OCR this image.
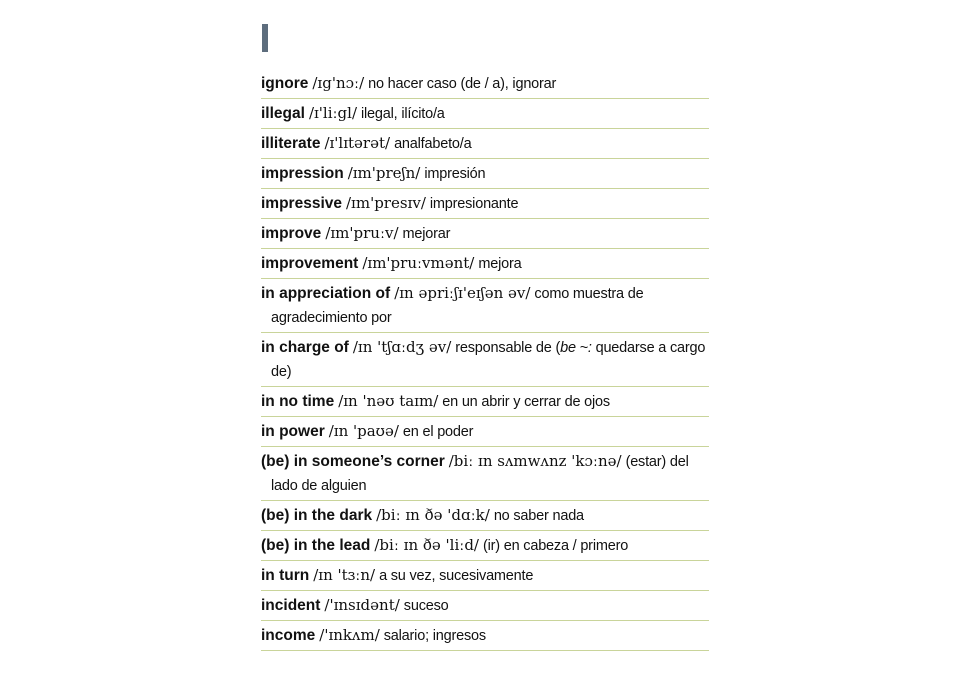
ignore /ɪg'nɔː/ no hacer caso (de / a), ignorar
illegal /ɪ'liːgl/ ilegal, ilícito/a
illiterate /ɪ'lɪtərət/ analfabeto/a
impression /ɪm'preʃn/ impresión
impressive /ɪm'presɪv/ impresionante
improve /ɪm'pruːv/ mejorar
improvement /ɪm'pruːvmənt/ mejora
in appreciation of /ɪn əpriːʃɪ'eɪʃən əv/ como muestra de agradecimiento por
in charge of /ɪn 'tʃɑːdʒ əv/ responsable de (be ~: quedarse a cargo de)
in no time /ɪn 'nəʊ taɪm/ en un abrir y cerrar de ojos
in power /ɪn 'paʊə/ en el poder
(be) in someone’s corner /biː ɪn sʌmwʌnz 'kɔːnə/ (estar) del lado de alguien
(be) in the dark /biː ɪn ðə 'dɑːk/ no saber nada
(be) in the lead /biː ɪn ðə 'liːd/ (ir) en cabeza / primero
in turn /ɪn 'tɜːn/ a su vez, sucesivamente
incident /'ɪnsɪdənt/ suceso
income /'ɪnkʌm/ salario; ingresos
